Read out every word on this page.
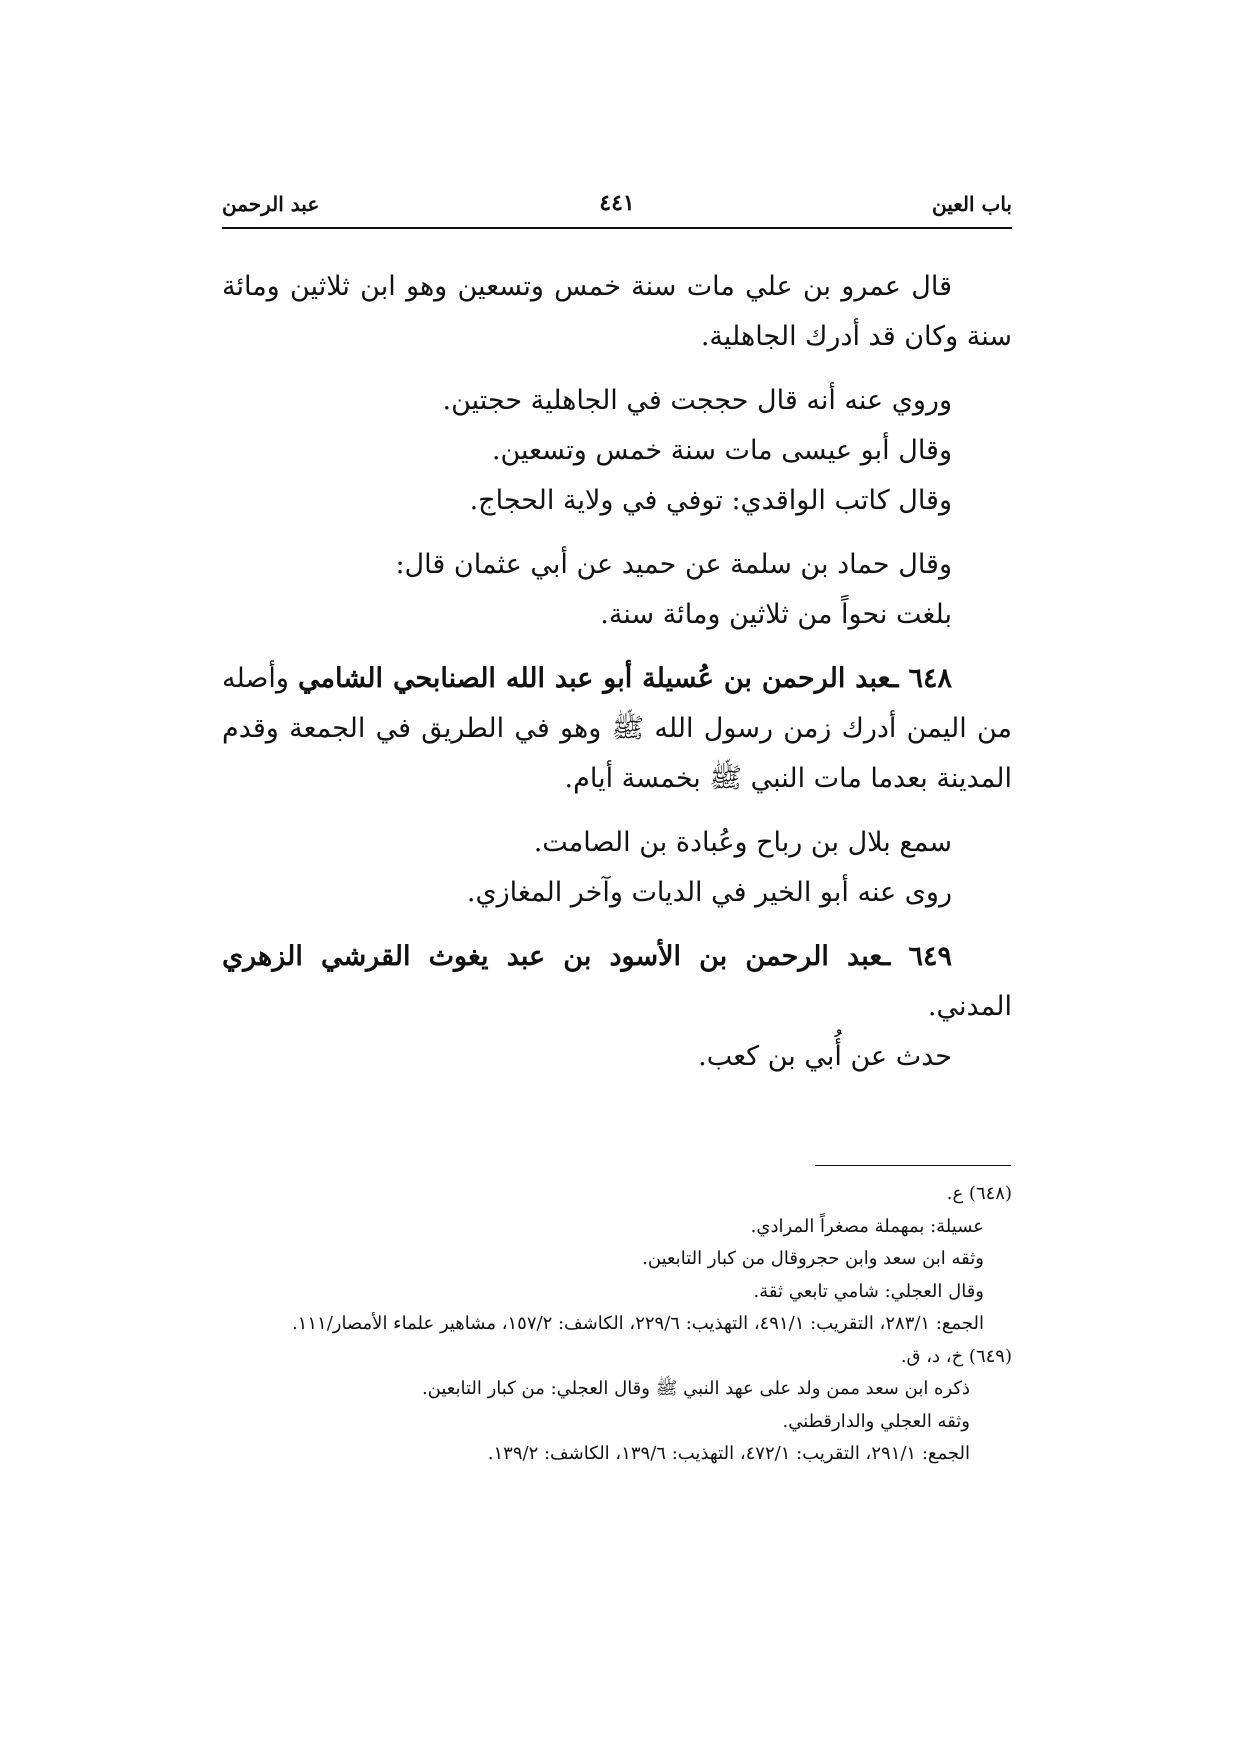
باب العين
٤٤١
عبد الرحمن

قال عمرو بن علي مات سنة خمس وتسعين وهو ابن ثلاثين ومائة سنة وكان قد أدرك الجاهلية.

وروي عنه أنه قال حججت في الجاهلية حجتين.

وقال أبو عيسى مات سنة خمس وتسعين.

وقال كاتب الواقدي: توفي في ولاية الحجاج.

وقال حماد بن سلمة عن حميد عن أبي عثمان قال:

بلغت نحواً من ثلاثين ومائة سنة.

٦٤٨ ـعبد الرحمن بن عُسيلة أبو عبد الله الصنابحي الشامي وأصله من اليمن أدرك زمن رسول الله ﷺ وهو في الطريق في الجمعة وقدم المدينة بعدما مات النبي ﷺ بخمسة أيام.

سمع بلال بن رباح وعُبادة بن الصامت.

روى عنه أبو الخير في الديات وآخر المغازي.

٦٤٩ ـعبد الرحمن بن الأسود بن عبد يغوث القرشي الزهري المدني.

حدث عن أُبي بن كعب.

(٦٤٨) ع.

عسيلة: بمهملة مصغراً المرادي.

وثقه ابن سعد وابن حجروقال من كبار التابعين.

وقال العجلي: شامي تابعي ثقة.

الجمع: ٢٨٣/١، التقريب: ٤٩١/١، التهذيب: ٢٢٩/٦، الكاشف: ١٥٧/٢، مشاهير علماء الأمصار/١١١.

(٦٤٩) خ، د، ق.

ذكره ابن سعد ممن ولد على عهد النبي ﷺ وقال العجلي: من كبار التابعين.

وثقه العجلي والدارقطني.

الجمع: ٢٩١/١، التقريب: ٤٧٢/١، التهذيب: ١٣٩/٦، الكاشف: ١٣٩/٢.
